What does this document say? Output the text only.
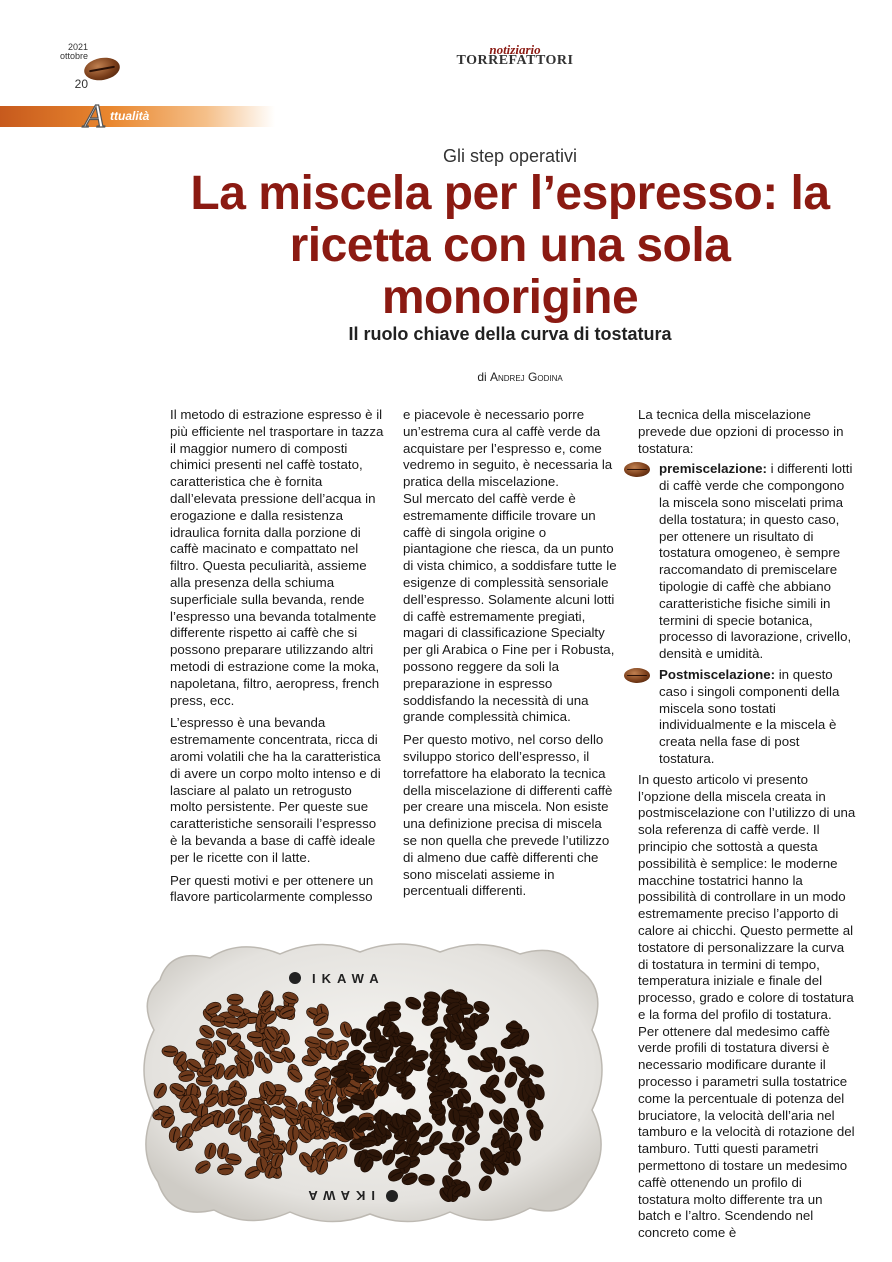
2021
ottobre
20
notiziario
TORREFATTORI
A ttualità
Gli step operativi
La miscela per l’espresso: la ricetta con una sola monorigine
Il ruolo chiave della curva di tostatura
di Andrej Godina

Il metodo di estrazione espresso è il più efficiente nel trasportare in tazza il maggior numero di composti chimici presenti nel caffè tostato, caratteristica che è fornita dall’elevata pressione dell’acqua in erogazione e dalla resistenza idraulica fornita dalla porzione di caffè macinato e compattato nel filtro. Questa peculiarità, assieme alla presenza della schiuma superficiale sulla bevanda, rende l’espresso una bevanda totalmente differente rispetto ai caffè che si possono preparare utilizzando altri metodi di estrazione come la moka, napoletana, filtro, aeropress, french press, ecc.

L’espresso è una bevanda estremamente concentrata, ricca di aromi volatili che ha la caratteristica di avere un corpo molto intenso e di lasciare al palato un retrogusto molto persistente. Per queste sue caratteristiche sensoraili l’espresso è la bevanda a base di caffè ideale per le ricette con il latte.

Per questi motivi e per ottenere un flavore particolarmente complesso

e piacevole è necessario porre un’estrema cura al caffè verde da acquistare per l’espresso e, come vedremo in seguito, è necessaria la pratica della miscelazione.
Sul mercato del caffè verde è estremamente difficile trovare un caffè di singola origine o piantagione che riesca, da un punto di vista chimico, a soddisfare tutte le esigenze di complessità sensoriale dell’espresso. Solamente alcuni lotti di caffè estremamente pregiati, magari di classificazione Specialty per gli Arabica o Fine per i Robusta, possono reggere da soli la preparazione in espresso soddisfando la necessità di una grande complessità chimica.

Per questo motivo, nel corso dello sviluppo storico dell’espresso, il torrefattore ha elaborato la tecnica della miscelazione di differenti caffè per creare una miscela. Non esiste una definizione precisa di miscela se non quella che prevede l’utilizzo di almeno due caffè differenti che sono miscelati assieme in percentuali differenti.

La tecnica della miscelazione prevede due opzioni di processo in tostatura:

premiscelazione: i differenti lotti di caffè verde che compongono la miscela sono miscelati prima della tostatura; in questo caso, per ottenere un risultato di tostatura omogeneo, è sempre raccomandato di premiscelare tipologie di caffè che abbiano caratteristiche fisiche simili in termini di specie botanica, processo di lavorazione, crivello, densità e umidità.
Postmiscelazione: in questo caso i singoli componenti della miscela sono tostati individualmente e la miscela è creata nella fase di post tostatura.

In questo articolo vi presento l’opzione della miscela creata in postmiscelazione con l’utilizzo di una sola referenza di caffè verde. Il principio che sottostà a questa possibilità è semplice: le moderne macchine tostatrici hanno la possibilità di controllare in un modo estremamente preciso l’apporto di calore ai chicchi. Questo permette al tostatore di personalizzare la curva di tostatura in termini di tempo, temperatura iniziale e finale del processo, grado e colore di tostatura e la forma del profilo di tostatura. Per ottenere dal medesimo caffè verde profili di tostatura diversi è necessario modificare durante il processo i parametri sulla tostatrice come la percentuale di potenza del bruciatore, la velocità dell’aria nel tamburo e la velocità di rotazione del tamburo. Tutti questi parametri permettono di tostare un medesimo caffè ottenendo un profilo di tostatura molto differente tra un batch e l’altro. Scendendo nel concreto come è

IKAWA
IKAWA
